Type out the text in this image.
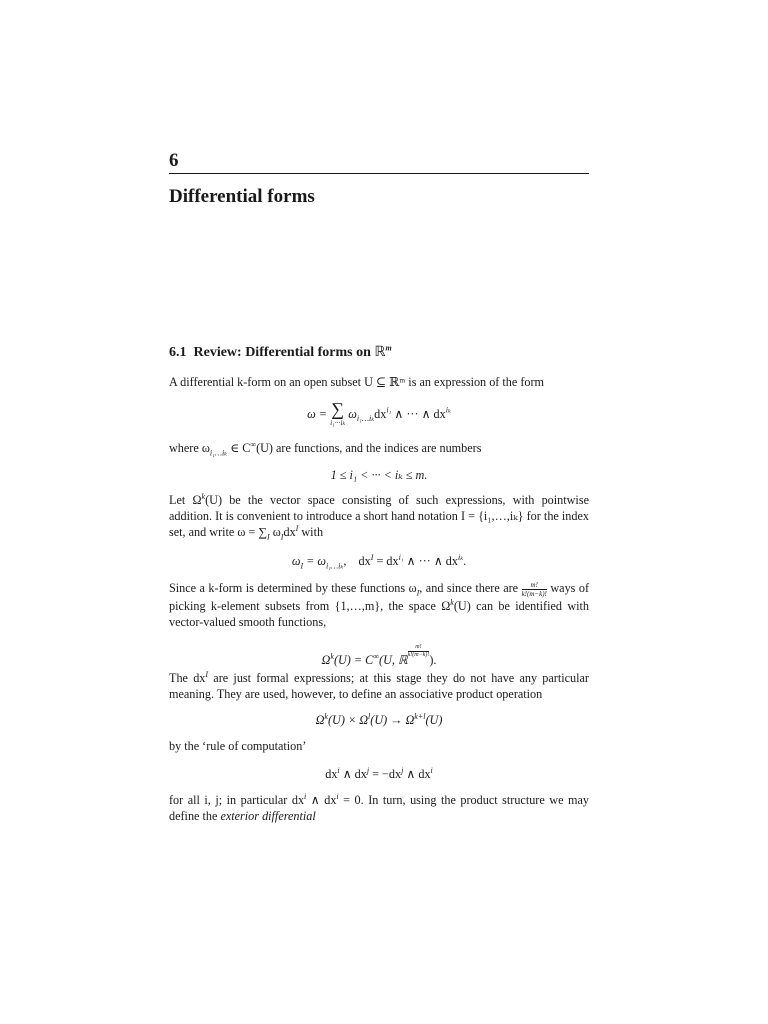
6
Differential forms
6.1 Review: Differential forms on ℝ$^m$

A differential k-form on an open subset U ⊆ ℝᵐ is an expression of the form

ω = ∑
i₁···iₖ
$\omega_{i_1\dots i_k}dx^{i_1}$ ∧ ··· ∧ $dx^{i_k}$

where $\omega_{i_1\dots i_k}$ ∈ C∞(U) are functions, and the indices are numbers

1 ≤ i₁ < ··· < iₖ ≤ m.

Let $\Omega^k(U)$ be the vector space consisting of such expressions, with pointwise addition. It is convenient to introduce a short hand notation I = {i₁,…,iₖ} for the index set, and write $\omega = \sum_I$ $\omega_Idx^I$ with

$\omega_I = \omega_{i_1\dots i_k}$,    $dx^I = dx^{i_1}$ ∧ ··· ∧ $dx^{i_k}$.

Since a k-form is determined by these functions $\omega_I$, and since there are $\frac{m!}{k!(m-k)!}$ ways of picking k-element subsets from {1,…,m}, the space $\Omega^k(U)$ can be identified with vector-valued smooth functions,

$\Omega^k(U) = C^\infty(U$, ℝ
$\frac{m!}{k!(m-k)!}$
).

The $dx^I$ are just formal expressions; at this stage they do not have any particular meaning. They are used, however, to define an associative product operation

$\Omega^k(U) \times \Omega^l(U) \to \Omega^{k+l}(U)$

by the ‘rule of computation’

$dx^i$ ∧ $dx^j = -dx^j$ ∧ $dx^i$

for all i, j; in particular $dx^i$ ∧ $dx^i = 0$. In turn, using the product structure we may define the exterior differential
